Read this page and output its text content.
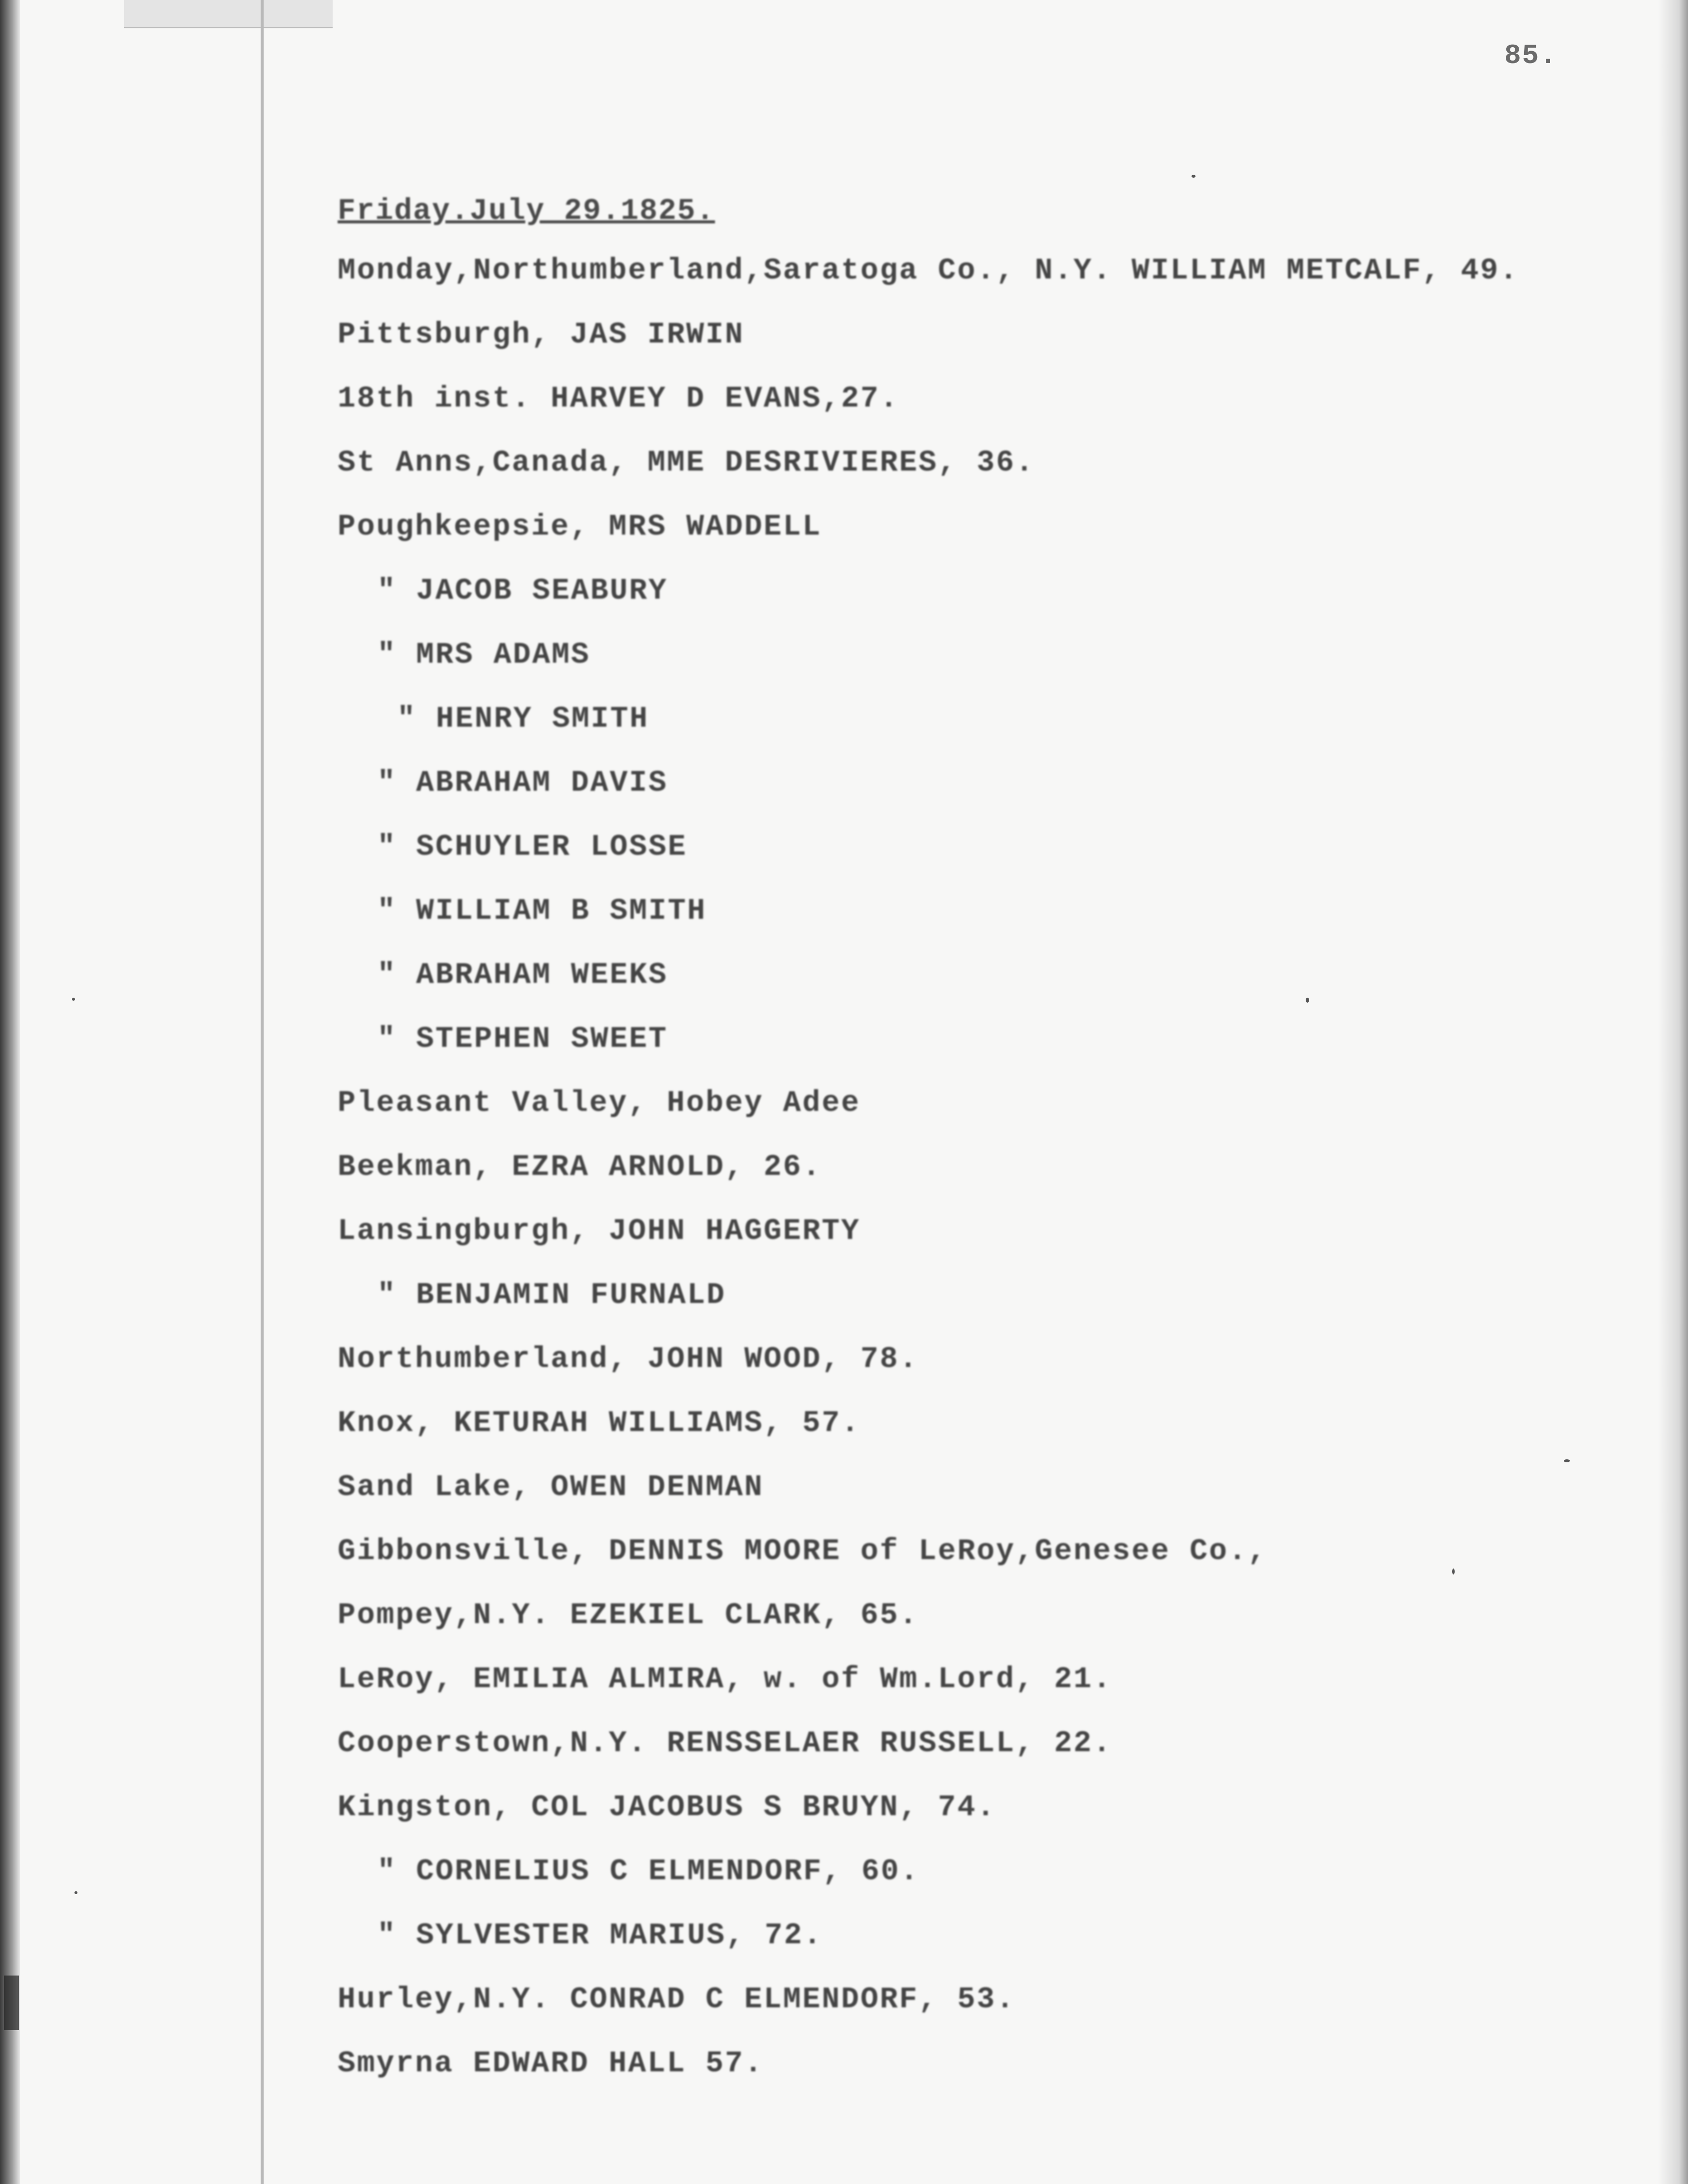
85.
Friday.July 29.1825.
Monday,Northumberland,Saratoga Co., N.Y. WILLIAM METCALF, 49.
Pittsburgh, JAS IRWIN
18th inst. HARVEY D EVANS,27.
St Anns,Canada, MME DESRIVIERES, 36.
Poughkeepsie, MRS WADDELL
" JACOB SEABURY
" MRS ADAMS
" HENRY SMITH
" ABRAHAM DAVIS
" SCHUYLER LOSSE
" WILLIAM B SMITH
" ABRAHAM WEEKS
" STEPHEN SWEET
Pleasant Valley, Hobey Adee
Beekman, EZRA ARNOLD, 26.
Lansingburgh, JOHN HAGGERTY
" BENJAMIN FURNALD
Northumberland, JOHN WOOD, 78.
Knox, KETURAH WILLIAMS, 57.
Sand Lake, OWEN DENMAN
Gibbonsville, DENNIS MOORE of LeRoy,Genesee Co.,
Pompey,N.Y. EZEKIEL CLARK, 65.
LeRoy, EMILIA ALMIRA, w. of Wm.Lord, 21.
Cooperstown,N.Y. RENSSELAER RUSSELL, 22.
Kingston, COL JACOBUS S BRUYN, 74.
" CORNELIUS C ELMENDORF, 60.
" SYLVESTER MARIUS, 72.
Hurley,N.Y. CONRAD C ELMENDORF, 53.
Smyrna EDWARD HALL 57.
